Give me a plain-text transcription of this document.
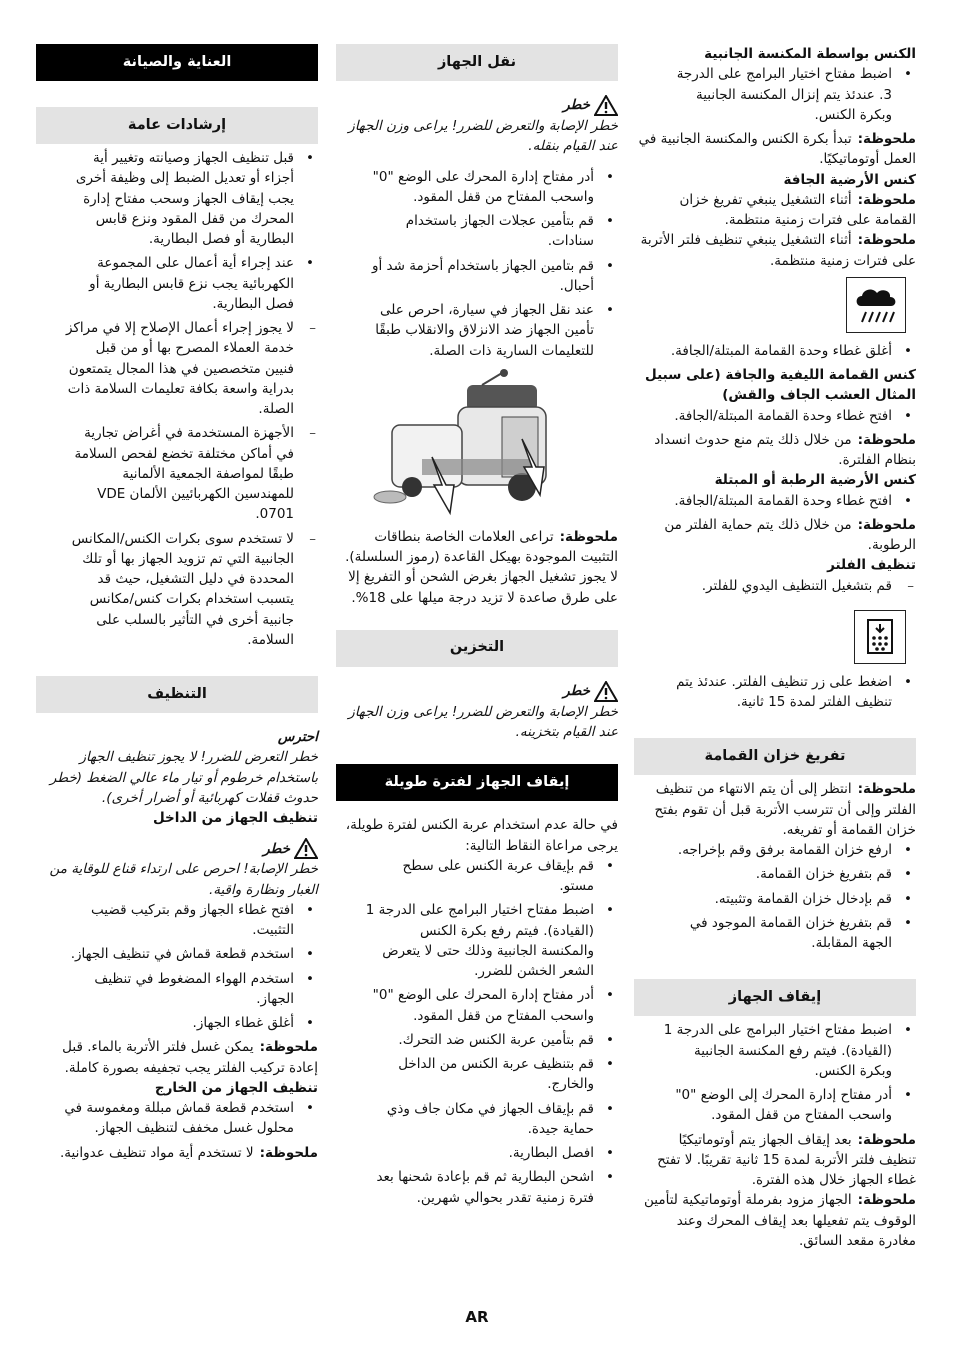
الكنس بواسطة المكنسة الجانبية
• اضبط مفتاح اختيار البرامج على الدرجة 3. عندئذ يتم إنزال المكنسة الجانبية وبكرة الكنس.
ملحوظة:تبدأ بكرة الكنس والمكنسة الجانبية في العمل أوتوماتيكيًا.
كنس الأرضية الجافة
ملحوظة:أثناء التشغيل ينبغي تفريغ خزان القمامة على فترات زمنية منتظمة.
ملحوظة:أثناء التشغيل ينبغي تنظيف فلتر الأتربة على فترات زمنية منتظمة.
• أغلق غطاء وحدة القمامة المبتلة/الجافة.
كنس القمامة الليفية والجافة (على سبيل المثال العشب الجاف والقش)
• افتح غطاء وحدة القمامة المبتلة/الجافة.
ملحوظة:من خلال ذلك يتم منع حدوث انسداد بنظام الفلترة.
كنس الأرضية الرطبة أو المبتلة
• افتح غطاء وحدة القمامة المبتلة/الجافة.
ملحوظة:من خلال ذلك يتم حماية الفلتر من الرطوبة.
تنظيف الفلتر
– قم بتشغيل التنظيف اليدوي للفلتر.
• اضغط على زر تنظيف الفلتر. عندئذ يتم تنظيف الفلتر لمدة 15 ثانية.
تفريغ خزان القمامة
ملحوظة:انتظر إلى أن يتم الانتهاء من تنظيف الفلتر وإلى أن تترسب الأتربة قبل أن تقوم بفتح خزان القمامة أو تفريغه.
• ارفع خزان القمامة برفق وقم بإخراجه.
• قم بتفريغ خزان القمامة.
• قم بإدخال خزان القمامة وتثبيته.
• قم بتفريغ خزان القمامة الموجود في الجهة المقابلة.
إيقاف الجهاز
• اضبط مفتاح اختيار البرامج على الدرجة 1 (القيادة). فيتم رفع المكنسة الجانبية وبكرة الكنس.
• أدر مفتاح إدارة المحرك إلى الوضع "0" واسحب المفتاح من قفل المقود.
ملحوظة:بعد إيقاف الجهاز يتم أوتوماتيكيًا تنظيف فلتر الأتربة لمدة 15 ثانية تقريبًا. لا تفتح غطاء الجهاز خلال هذه الفترة.
ملحوظة:الجهاز مزود بفرملة أوتوماتيكية لتأمين الوقوف يتم تفعيلها بعد إيقاف المحرك وعند مغادرة مقعد السائق.
نقل الجهاز
خطر
خطر الإصابة والتعرض للضرر! يراعى وزن الجهاز عند القيام بنقله.
• أدر مفتاح إدارة المحرك على الوضع "0" واسحب المفتاح من قفل المقود.
• قم بتأمين عجلات الجهاز باستخدام سنادات.
• قم بتامين الجهاز باستخدام أحزمة شد أو أحبال.
• عند نقل الجهاز في سيارة، احرص على تأمين الجهاز ضد الانزلاق والانقلاب طبقًا للتعليمات السارية ذات الصلة.
ملحوظة:تراعى العلامات الخاصة بنطاقات التثبيت الموجودة بهيكل القاعدة (رموز السلسلة). لا يجوز تشغيل الجهاز بغرض الشحن أو التفريغ إلا على طرق صاعدة لا تزيد درجة ميلها على 18%.
التخزين
خطر
خطر الإصابة والتعرض للضرر! يراعى وزن الجهاز عند القيام بتخزينه.
إيقاف الجهاز لفترة طويلة
في حالة عدم استخدام عربة الكنس لفترة طويلة، يرجى مراعاة النقاط التالية:
• قم بإيقاف عربة الكنس على سطح مستو.
• اضبط مفتاح اختيار البرامج على الدرجة 1 (القيادة). فيتم رفع بكرة الكنس والمكنسة الجانبية وذلك حتى لا يتعرض الشعر الخشن للضرر.
• أدر مفتاح إدارة المحرك على الوضع "0" واسحب المفتاح من قفل المقود.
• قم بتأمين عربة الكنس ضد التحرك.
• قم بتنظيف عربة الكنس من الداخل والخارج.
• قم بإيقاف الجهاز في مكان جاف وذي حماية جيدة.
• افصل البطارية.
• اشحن البطارية ثم قم بإعادة شحنها بعد فترة زمنية تقدر بحوالي شهرين.
العناية والصيانة
إرشادات عامة
• قبل تنظيف الجهاز وصيانته وتغيير أية أجزاء أو تعديل الضبط إلى وظيفة أخرى يجب إيقاف الجهاز وسحب مفتاح إدارة المحرك من قفل المقود ونزع قابس البطارية أو فصل البطارية.
• عند إجراء أية أعمال على المجموعة الكهربائية يجب نزع قابس البطارية أو فصل البطارية.
– لا يجوز إجراء أعمال الإصلاح إلا في مراكز خدمة العملاء المصرح بها أو من قبل فنيين متخصصين في هذا المجال يتمتعون بدراية واسعة بكافة تعليمات السلامة ذات الصلة.
– الأجهزة المستخدمة في أغراض تجارية في أماكن مختلفة تخضع لفحص السلامة طبقًا لمواصفة الجمعية الألمانية للمهندسين الكهربائيين الألمان VDE 0701.
– لا تستخدم سوى بكرات الكنس/المكانس الجانبية التي تم تزويد الجهاز بها أو تلك المحددة في دليل التشغيل، حيث قد يتسبب استخدام بكرات كنس/مكانس جانبية أخرى في التأثير بالسلب على السلامة.
التنظيف
احترس
خطر التعرض للضرر! لا يجوز تنظيف الجهاز باستخدام خرطوم أو تيار ماء عالي الضغط (خطر حدوث قفلات كهربائية أو أضرار أخرى).
تنظيف الجهاز من الداخل
خطر
خطر الإصابة! احرص على ارتداء قناع للوقاية من الغبار ونظارة واقية.
• افتح غطاء الجهاز وقم بتركيب قضيب التثبيت.
• استخدم قطعة قماش في تنظيف الجهاز.
• استخدم الهواء المضغوط في تنظيف الجهاز.
• أغلق غطاء الجهاز.
ملحوظة:يمكن غسل فلتر الأتربة بالماء. قبل إعادة تركيب الفلتر يجب تجفيفه بصورة كاملة.
تنظيف الجهاز من الخارج
• استخدم قطعة قماش مبللة ومغموسة في محلول غسل مخفف لتنظيف الجهاز.
ملحوظة:لا تستخدم أية مواد تنظيف عدوانية.
AR
